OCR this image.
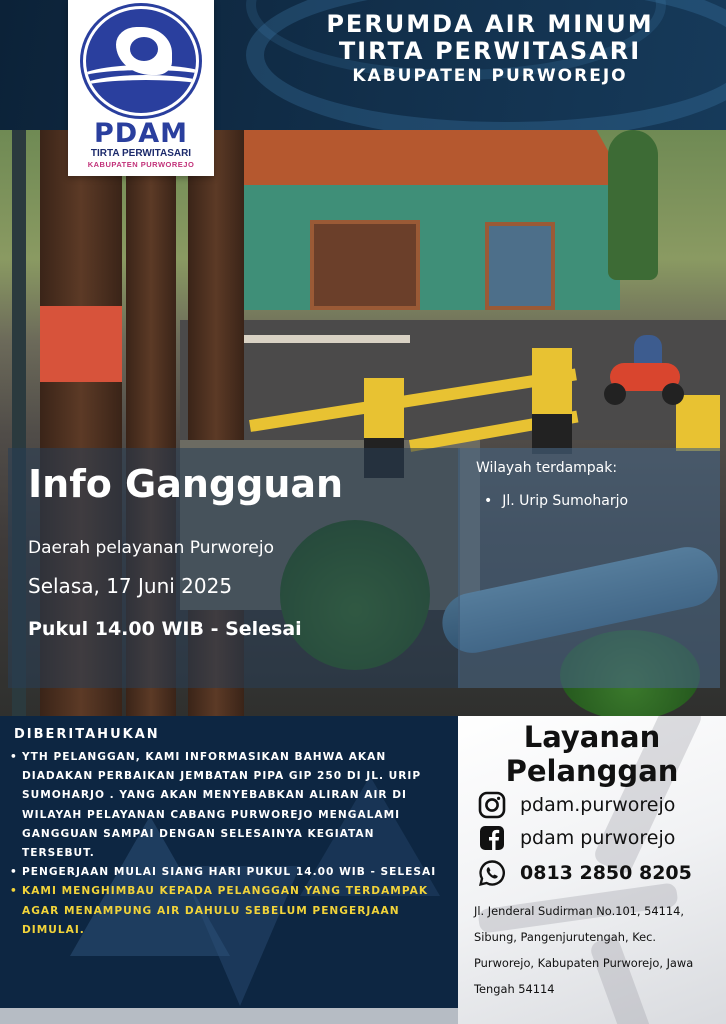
PERUMDA AIR MINUM
TIRTA PERWITASARI
KABUPATEN PURWOREJO
PDAM
TIRTA PERWITASARI
KABUPATEN PURWOREJO
Info Gangguan
Daerah pelayanan Purworejo
Selasa, 17 Juni 2025
Pukul 14.00 WIB - Selesai
Wilayah terdampak:
• Jl. Urip Sumoharjo
DIBERITAHUKAN
• YTH PELANGGAN, KAMI INFORMASIKAN BAHWA AKAN DIADAKAN PERBAIKAN JEMBATAN PIPA GIP 250 DI JL. URIP SUMOHARJO . YANG AKAN MENYEBABKAN ALIRAN AIR DI WILAYAH PELAYANAN CABANG PURWOREJO MENGALAMI GANGGUAN SAMPAI DENGAN SELESAINYA KEGIATAN TERSEBUT.
• PENGERJAAN MULAI SIANG HARI PUKUL 14.00 WIB - SELESAI
• KAMI MENGHIMBAU KEPADA PELANGGAN YANG TERDAMPAK AGAR MENAMPUNG AIR DAHULU SEBELUM PENGERJAAN DIMULAI.
Layanan
Pelanggan
pdam.purworejo
pdam purworejo
0813 2850 8205
Jl. Jenderal Sudirman No.101, 54114, Sibung, Pangenjurutengah, Kec. Purworejo, Kabupaten Purworejo, Jawa Tengah 54114
